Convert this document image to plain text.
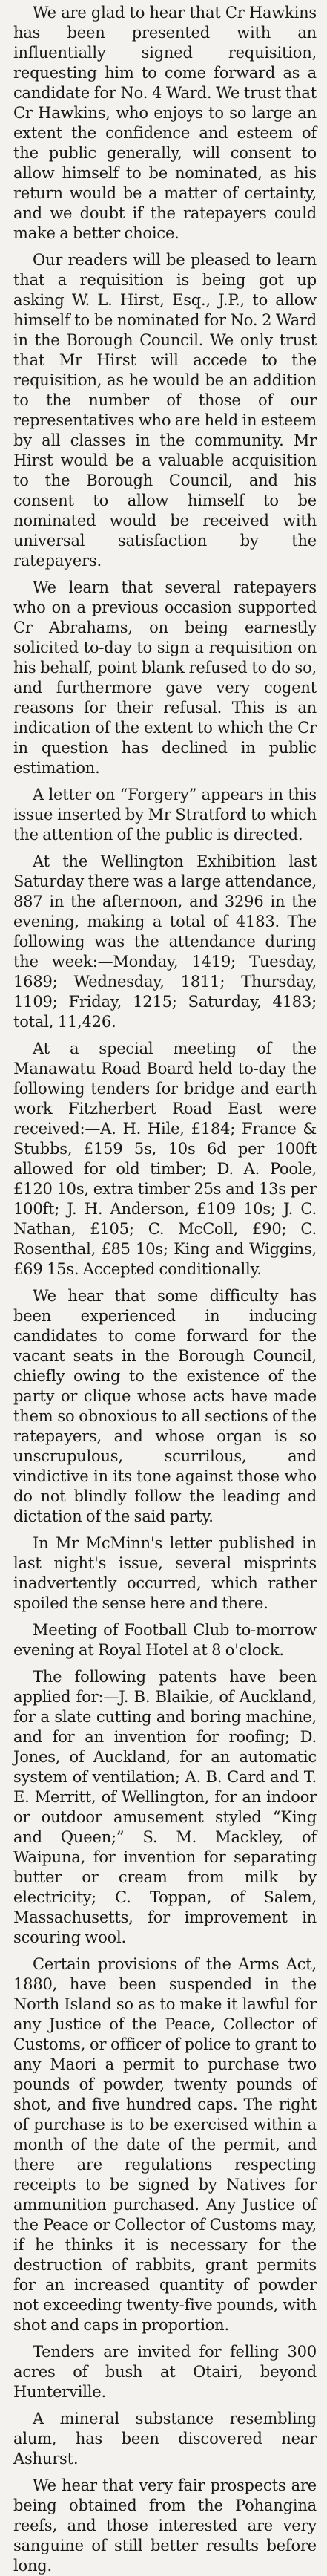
We are glad to hear that Cr Hawkins has been presented with an influentially signed requisition, requesting him to come forward as a candidate for No. 4 Ward. We trust that Cr Hawkins, who enjoys to so large an extent the confidence and esteem of the public generally, will consent to allow himself to be nominated, as his return would be a matter of certainty, and we doubt if the ratepayers could make a better choice.

Our readers will be pleased to learn that a requisition is being got up asking W. L. Hirst, Esq., J.P., to allow himself to be nominated for No. 2 Ward in the Borough Council. We only trust that Mr Hirst will accede to the requisition, as he would be an addition to the number of those of our representatives who are held in esteem by all classes in the community. Mr Hirst would be a valuable acquisition to the Borough Council, and his consent to allow himself to be nominated would be received with universal satisfaction by the ratepayers.

We learn that several ratepayers who on a previous occasion supported Cr Abrahams, on being earnestly solicited to-day to sign a requisition on his behalf, point blank refused to do so, and furthermore gave very cogent reasons for their refusal. This is an indication of the extent to which the Cr in question has declined in public estimation.

A letter on “Forgery” appears in this issue inserted by Mr Stratford to which the attention of the public is directed.

At the Wellington Exhibition last Saturday there was a large attendance, 887 in the afternoon, and 3296 in the evening, making a total of 4183. The following was the attendance during the week:—Monday, 1419; Tuesday, 1689; Wednesday, 1811; Thursday, 1109; Friday, 1215; Saturday, 4183; total, 11,426.

At a special meeting of the Manawatu Road Board held to-day the following tenders for bridge and earth work Fitzherbert Road East were received:—A. H. Hile, £184; France & Stubbs, £159 5s, 10s 6d per 100ft allowed for old timber; D. A. Poole, £120 10s, extra timber 25s and 13s per 100ft; J. H. Anderson, £109 10s; J. C. Nathan, £105; C. McColl, £90; C. Rosenthal, £85 10s; King and Wiggins, £69 15s. Accepted conditionally.

We hear that some difficulty has been experienced in inducing candidates to come forward for the vacant seats in the Borough Council, chiefly owing to the existence of the party or clique whose acts have made them so obnoxious to all sections of the ratepayers, and whose organ is so unscrupulous, scurrilous, and vindictive in its tone against those who do not blindly follow the leading and dictation of the said party.

In Mr McMinn's letter published in last night's issue, several misprints inadvertently occurred, which rather spoiled the sense here and there.

Meeting of Football Club to-morrow evening at Royal Hotel at 8 o'clock.

The following patents have been applied for:—J. B. Blaikie, of Auckland, for a slate cutting and boring machine, and for an invention for roofing; D. Jones, of Auckland, for an automatic system of ventilation; A. B. Card and T. E. Merritt, of Wellington, for an indoor or outdoor amusement styled “King and Queen;” S. M. Mackley, of Waipuna, for invention for separating butter or cream from milk by electricity; C. Toppan, of Salem, Massachusetts, for improvement in scouring wool.

Certain provisions of the Arms Act, 1880, have been suspended in the North Island so as to make it lawful for any Justice of the Peace, Collector of Customs, or officer of police to grant to any Maori a permit to purchase two pounds of powder, twenty pounds of shot, and five hundred caps. The right of purchase is to be exercised within a month of the date of the permit, and there are regulations respecting receipts to be signed by Natives for ammunition purchased. Any Justice of the Peace or Collector of Customs may, if he thinks it is necessary for the destruction of rabbits, grant permits for an increased quantity of powder not exceeding twenty-five pounds, with shot and caps in proportion.

Tenders are invited for felling 300 acres of bush at Otairi, beyond Hunterville.

A mineral substance resembling alum, has been discovered near Ashurst.

We hear that very fair prospects are being obtained from the Pohangina reefs, and those interested are very sanguine of still better results before long.
